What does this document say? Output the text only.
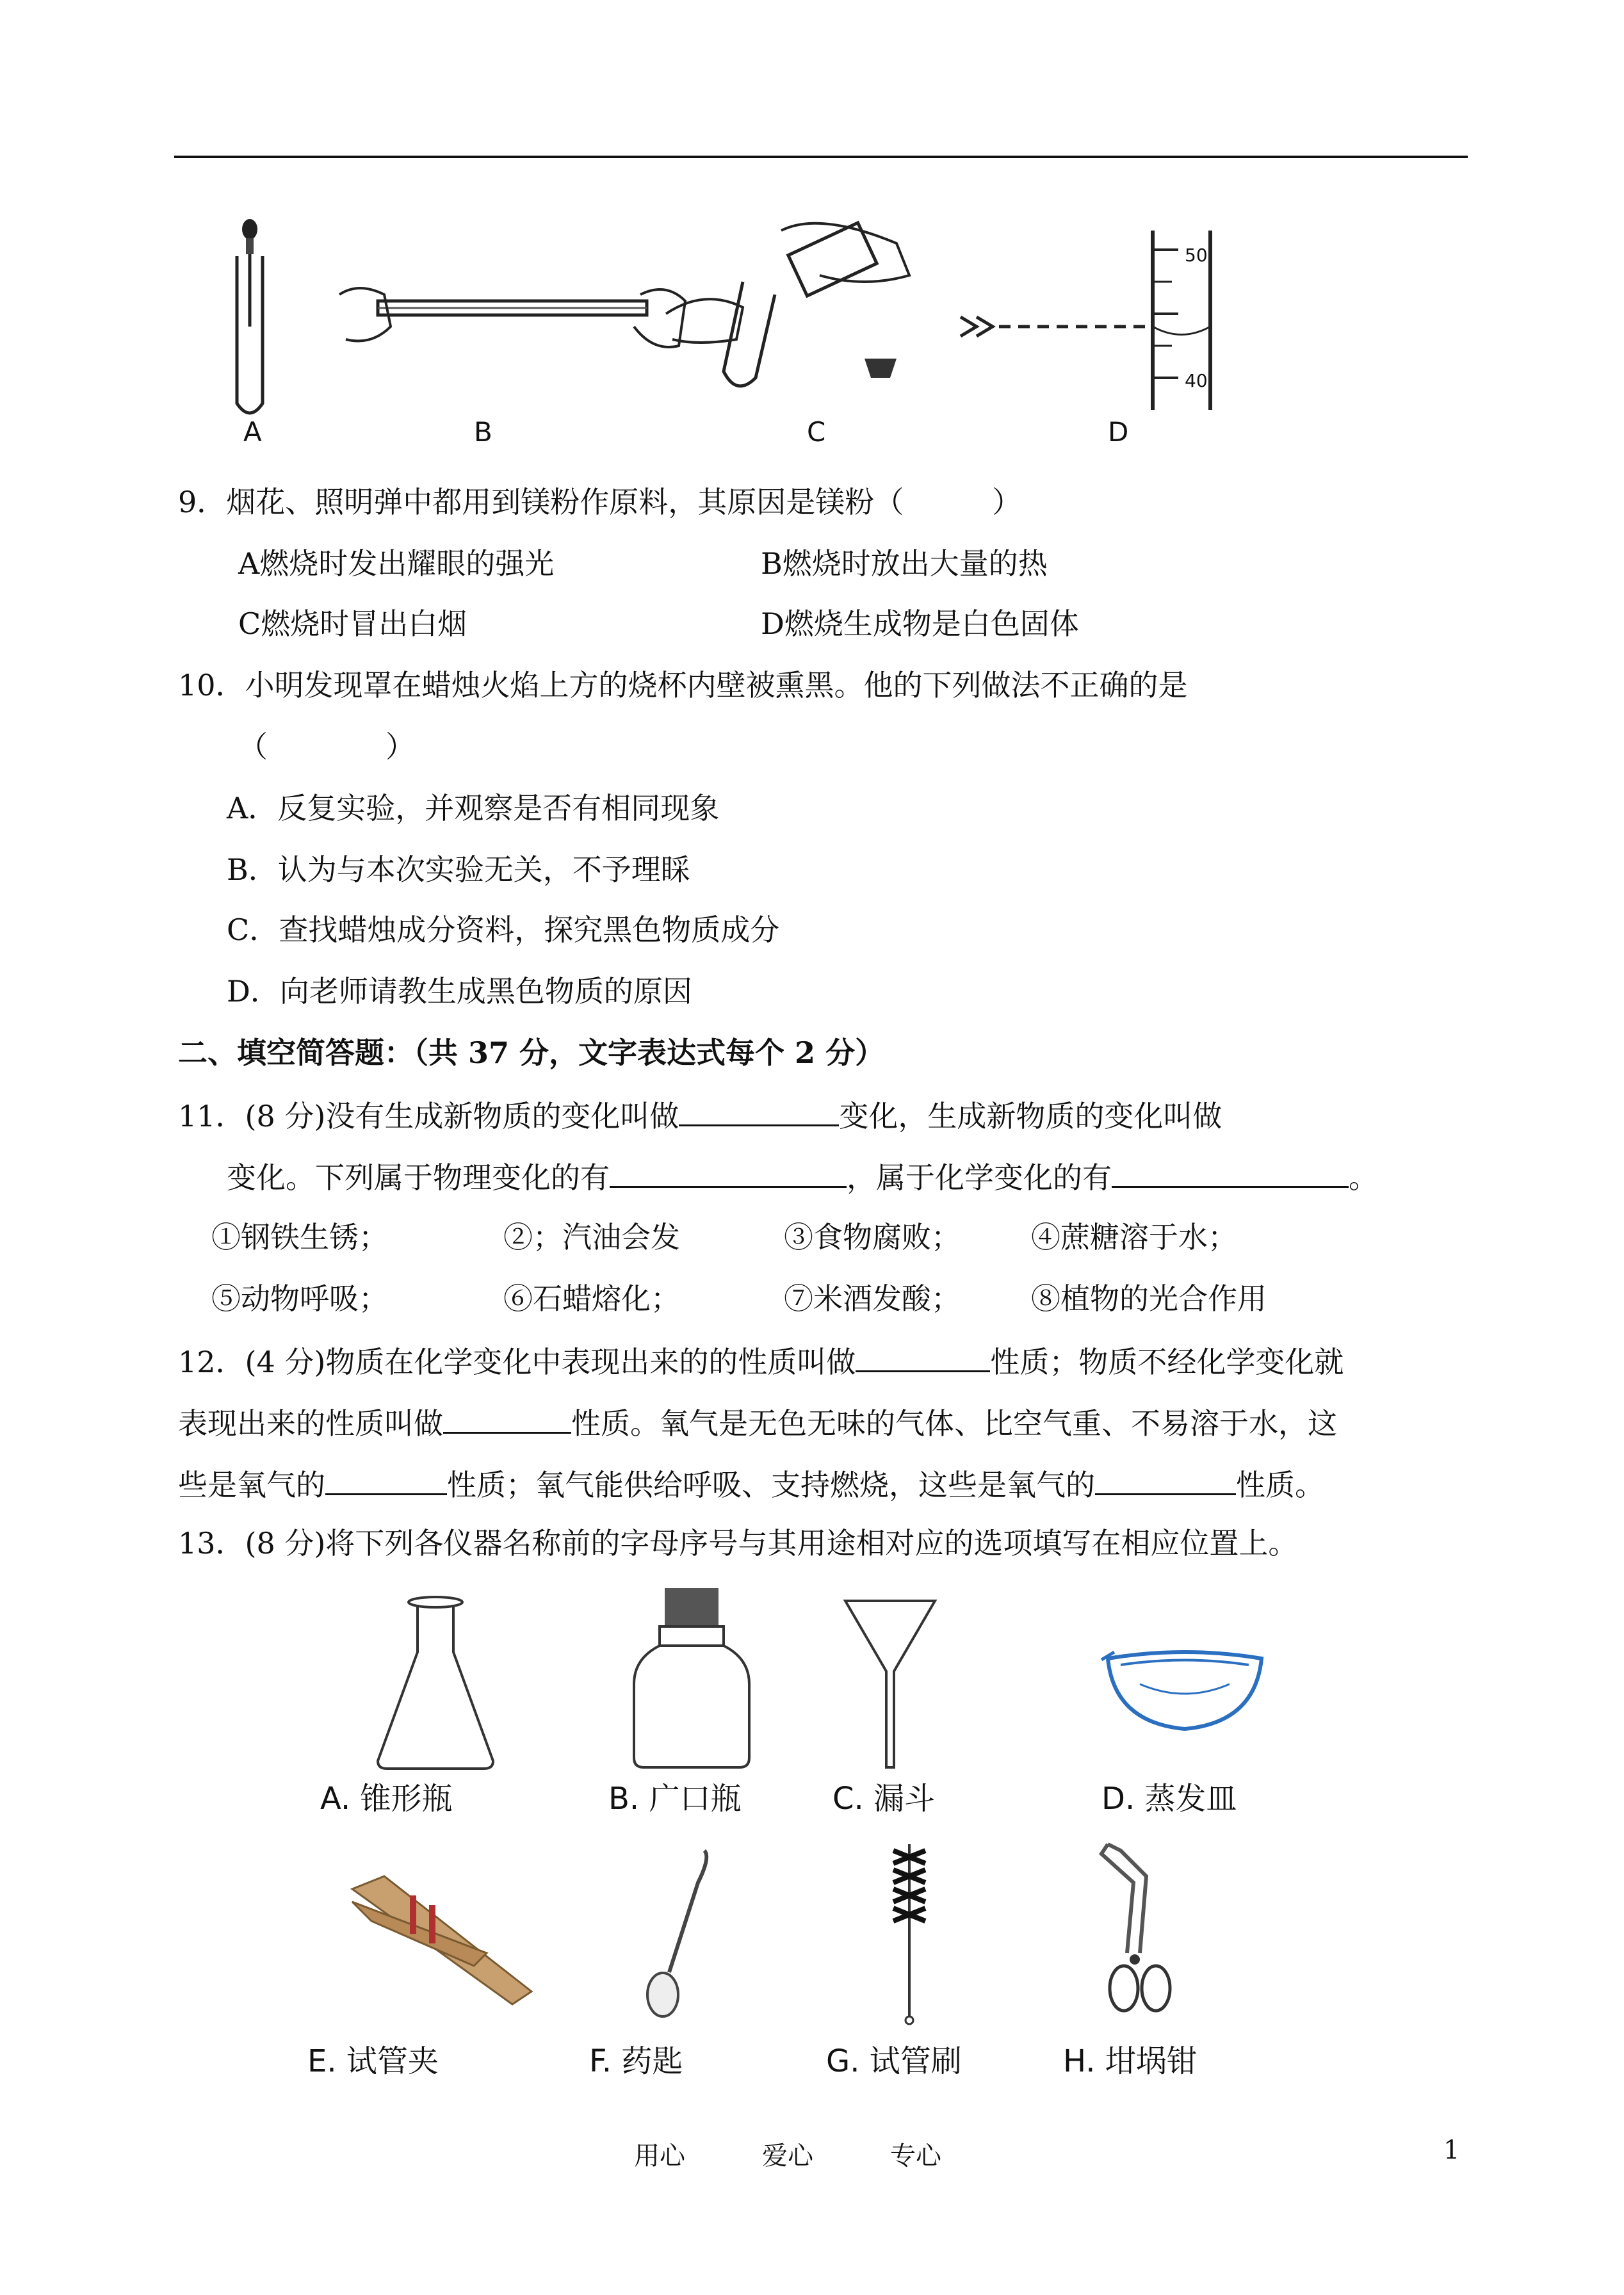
50
40
A	B	C	D
9．烟花、照明弹中都用到镁粉作原料，其原因是镁粉（　　　）
A燃烧时发出耀眼的强光	B燃烧时放出大量的热
C燃烧时冒出白烟	D燃烧生成物是白色固体
10．小明发现罩在蜡烛火焰上方的烧杯内壁被熏黑。他的下列做法不正确的是
（　　　　）
A．反复实验，并观察是否有相同现象
B．认为与本次实验无关，不予理睬
C．查找蜡烛成分资料，探究黑色物质成分
D．向老师请教生成黑色物质的原因
二、填空简答题：（共 37 分，文字表达式每个 2 分）
11．(8 分)没有生成新物质的变化叫做	变化，生成新物质的变化叫做
变化。下列属于物理变化的有	，属于化学变化的有	。
①钢铁生锈；	②；汽油会发	③食物腐败； ④蔗糖溶于水；
⑤动物呼吸；	⑥石蜡熔化；	⑦米酒发酸； ⑧植物的光合作用
12．(4 分)物质在化学变化中表现出来的的性质叫做	性质；物质不经化学变化就
表现出来的性质叫做	性质。氧气是无色无味的气体、比空气重、不易溶于水，这
些是氧气的	性质；氧气能供给呼吸、支持燃烧，这些是氧气的	性质。
13．(8 分)将下列各仪器名称前的字母序号与其用途相对应的选项填写在相应位置上。
A. 锥形瓶	B. 广口瓶	C. 漏斗	D. 蒸发皿
E. 试管夹	F. 药匙	G. 试管刷	H. 坩埚钳
用心	爱心	专心	1
